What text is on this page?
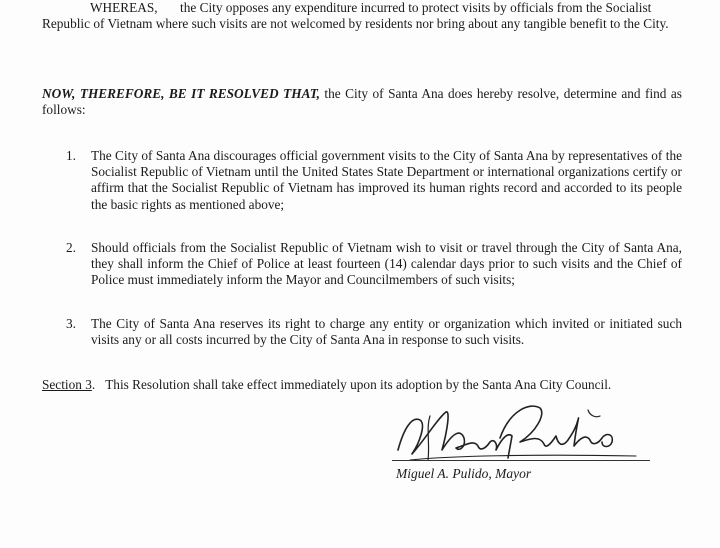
WHEREAS, the City opposes any expenditure incurred to protect visits by officials from the Socialist
Republic of Vietnam where such visits are not welcomed by residents nor bring about any tangible benefit to the City.
NOW, THEREFORE, BE IT RESOLVED THAT, the City of Santa Ana does hereby resolve, determine and find as follows:
1.	The City of Santa Ana discourages official government visits to the City of Santa Ana by representatives of the Socialist Republic of Vietnam until the United States State Department or international organizations certify or affirm that the Socialist Republic of Vietnam has improved its human rights record and accorded to its people the basic rights as mentioned above;
2.	Should officials from the Socialist Republic of Vietnam wish to visit or travel through the City of Santa Ana, they shall inform the Chief of Police at least fourteen (14) calendar days prior to such visits and the Chief of Police must immediately inform the Mayor and Councilmembers of such visits;
3.	The City of Santa Ana reserves its right to charge any entity or organization which invited or initiated such visits any or all costs incurred by the City of Santa Ana in response to such visits.
Section 3. This Resolution shall take effect immediately upon its adoption by the Santa Ana City Council.
Miguel A. Pulido, Mayor
